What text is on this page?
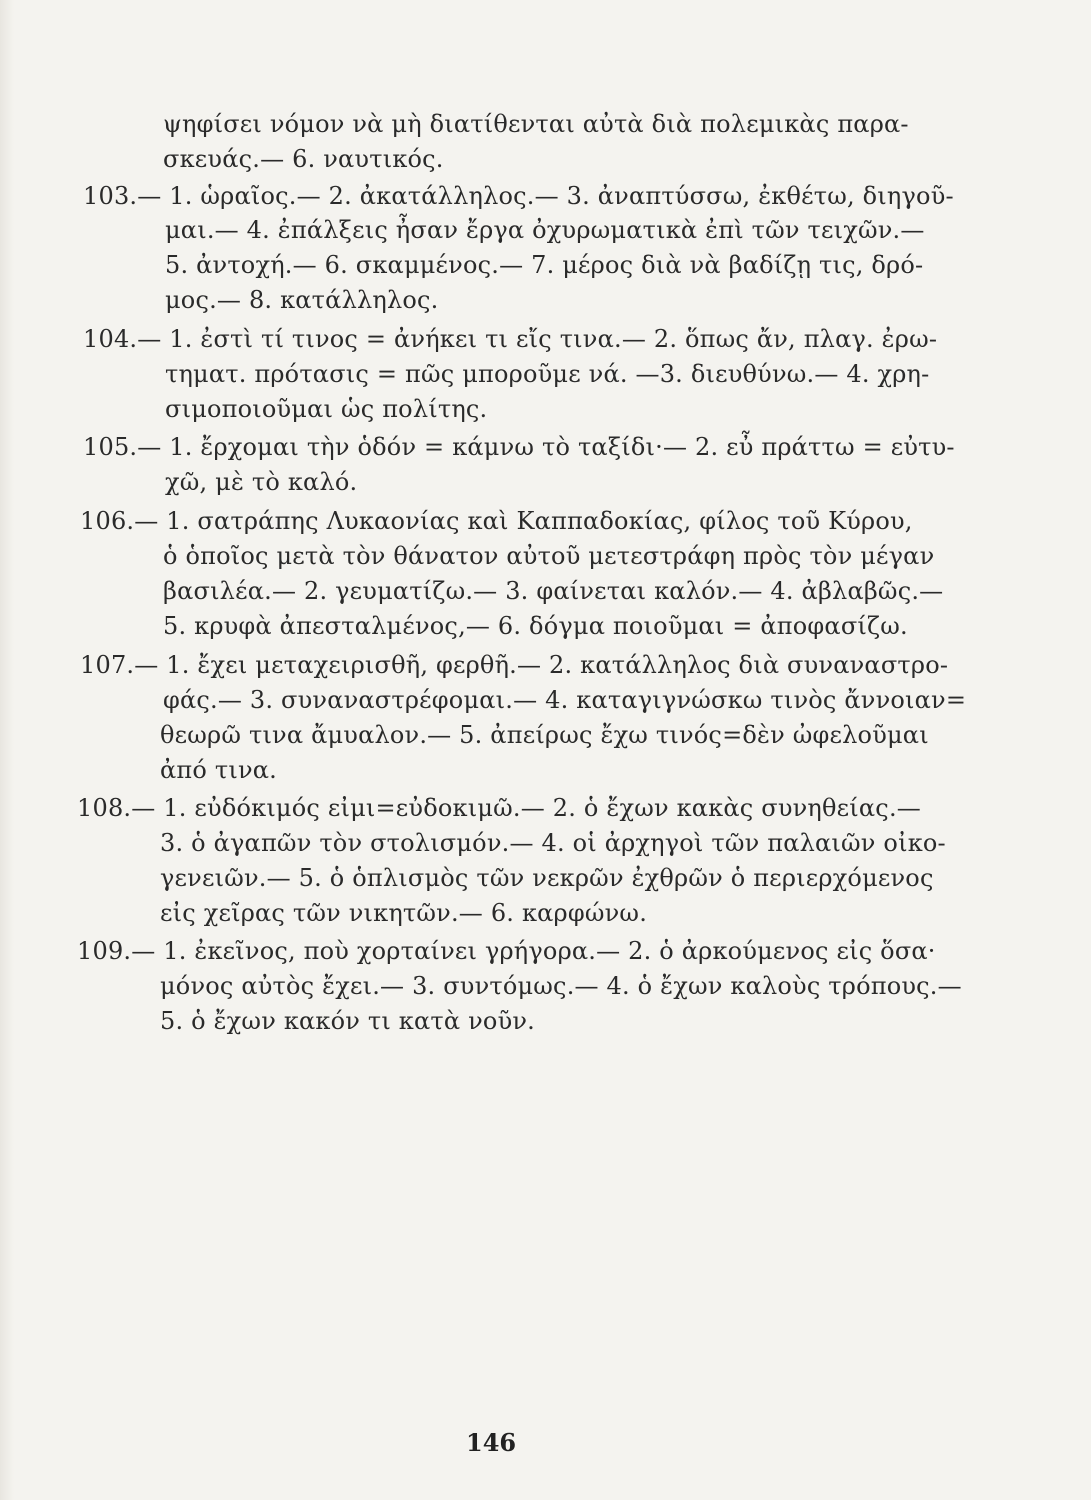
ψηφίσει νόμον νὰ μὴ διατίθενται αὐτὰ διὰ πολεμικὰς παρα-
σκευάς.— 6. ναυτικός.
103.— 1. ὡραῖος.— 2. ἀκατάλληλος.— 3. ἀναπτύσσω, ἐκθέτω, διηγοῦ-
μαι.— 4. ἐπάλξεις ἦσαν ἔργα ὀχυρωματικὰ ἐπὶ τῶν τειχῶν.—
5. ἀντοχή.— 6. σκαμμένος.— 7. μέρος διὰ νὰ βαδίζῃ τις, δρό-
μος.— 8. κατάλληλος.
104.— 1. ἐστὶ τί τινος = ἀνήκει τι εἴς τινα.— 2. ὅπως ἄν, πλαγ. ἐρω-
τηματ. πρότασις = πῶς μποροῦμε νά. —3. διευθύνω.— 4. χρη-
σιμοποιοῦμαι ὡς πολίτης.
105.— 1. ἔρχομαι τὴν ὁδόν = κάμνω τὸ ταξίδι·— 2. εὖ πράττω = εὐτυ-
χῶ, μὲ τὸ καλό.
106.— 1. σατράπης Λυκαονίας καὶ Καππαδοκίας, φίλος τοῦ Κύρου,
ὁ ὁποῖος μετὰ τὸν θάνατον αὐτοῦ μετεστράφη πρὸς τὸν μέγαν
βασιλέα.— 2. γευματίζω.— 3. φαίνεται καλόν.— 4. ἀβλαβῶς.—
5. κρυφὰ ἀπεσταλμένος,— 6. δόγμα ποιοῦμαι = ἀποφασίζω.
107.— 1. ἔχει μεταχειρισθῆ, φερθῆ.— 2. κατάλληλος διὰ συναναστρο-
φάς.— 3. συναναστρέφομαι.— 4. καταγιγνώσκω τινὸς ἄννοιαν=
θεωρῶ τινα ἄμυαλον.— 5. ἀπείρως ἔχω τινός=δὲν ὠφελοῦμαι
ἀπό τινα.
108.— 1. εὐδόκιμός εἰμι=εὐδοκιμῶ.— 2. ὁ ἔχων κακὰς συνηθείας.—
3. ὁ ἀγαπῶν τὸν στολισμόν.— 4. οἱ ἀρχηγοὶ τῶν παλαιῶν οἰκο-
γενειῶν.— 5. ὁ ὁπλισμὸς τῶν νεκρῶν ἐχθρῶν ὁ περιερχόμενος
εἰς χεῖρας τῶν νικητῶν.— 6. καρφώνω.
109.— 1. ἐκεῖνος, ποὺ χορταίνει γρήγορα.— 2. ὁ ἀρκούμενος εἰς ὅσα·
μόνος αὐτὸς ἔχει.— 3. συντόμως.— 4. ὁ ἔχων καλοὺς τρόπους.—
5. ὁ ἔχων κακόν τι κατὰ νοῦν.
146
